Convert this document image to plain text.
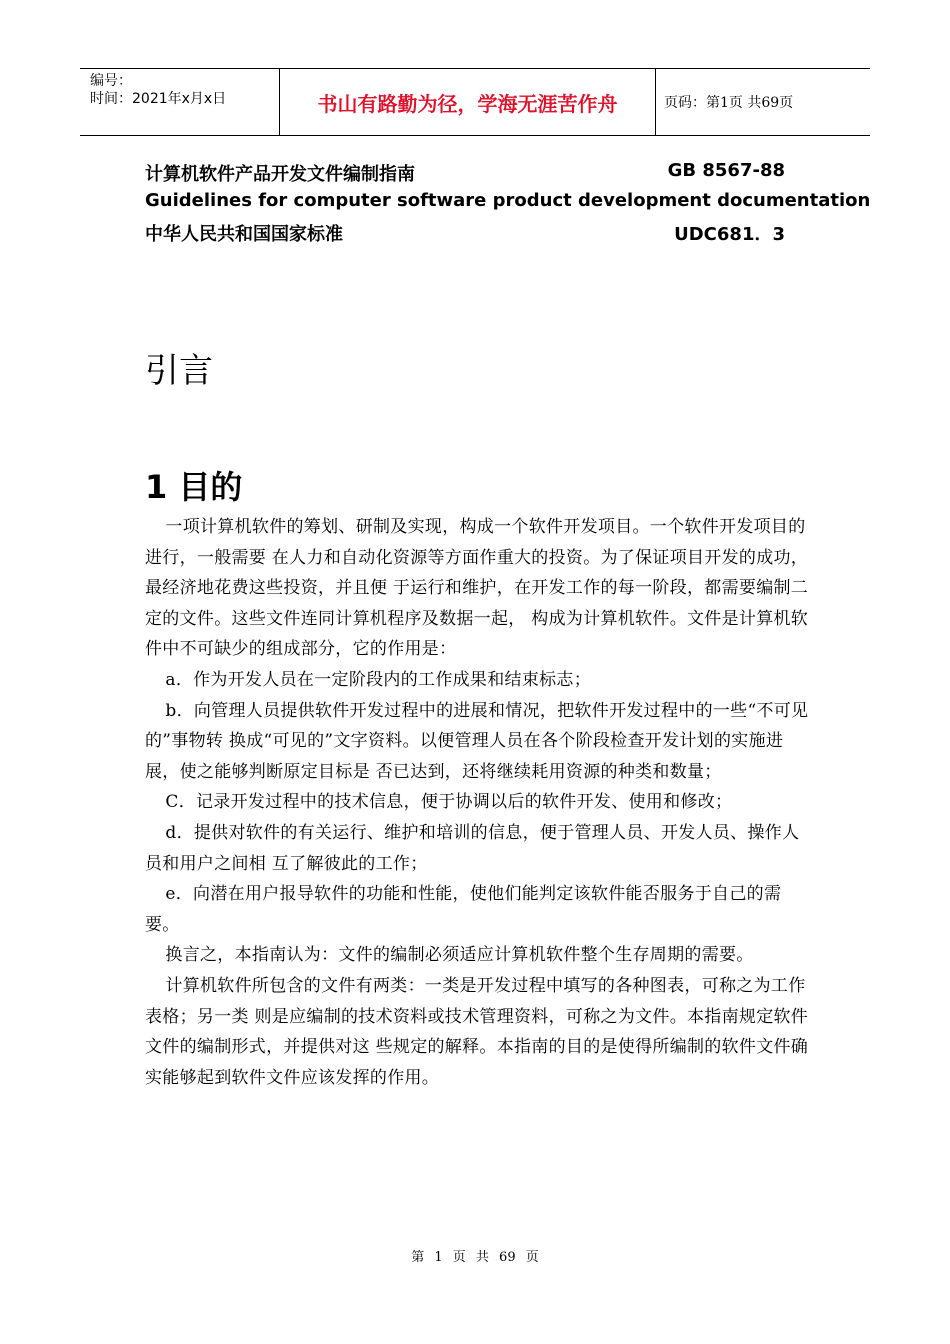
编号：
时间：2021年x月x日	书山有路勤为径，学海无涯苦作舟	页码：第1页 共69页
计算机软件产品开发文件编制指南	GB 8567-88
Guidelines for computer software product development documentation
中华人民共和国国家标准	UDC681．3
引言
1 目的

一项计算机软件的筹划、研制及实现，构成一个软件开发项目。一个软件开发项目的进行，一般需要 在人力和自动化资源等方面作重大的投资。为了保证项目开发的成功，最经济地花费这些投资，并且便 于运行和维护，在开发工作的每一阶段，都需要编制二定的文件。这些文件连同计算机程序及数据一起， 构成为计算机软件。文件是计算机软件中不可缺少的组成部分，它的作用是：

a．作为开发人员在一定阶段内的工作成果和结束标志；

b．向管理人员提供软件开发过程中的进展和情况，把软件开发过程中的一些“不可见的”事物转 换成“可见的”文字资料。以便管理人员在各个阶段检查开发计划的实施进展，使之能够判断原定目标是 否已达到，还将继续耗用资源的种类和数量；

C．记录开发过程中的技术信息，便于协调以后的软件开发、使用和修改；

d．提供对软件的有关运行、维护和培训的信息，便于管理人员、开发人员、操作人员和用户之间相 互了解彼此的工作；

e．向潜在用户报导软件的功能和性能，使他们能判定该软件能否服务于自己的需要。

换言之，本指南认为：文件的编制必须适应计算机软件整个生存周期的需要。

计算机软件所包含的文件有两类：一类是开发过程中填写的各种图表，可称之为工作表格；另一类 则是应编制的技术资料或技术管理资料，可称之为文件。本指南规定软件文件的编制形式，并提供对这 些规定的解释。本指南的目的是使得所编制的软件文件确实能够起到软件文件应该发挥的作用。

第 1 页 共 69 页
